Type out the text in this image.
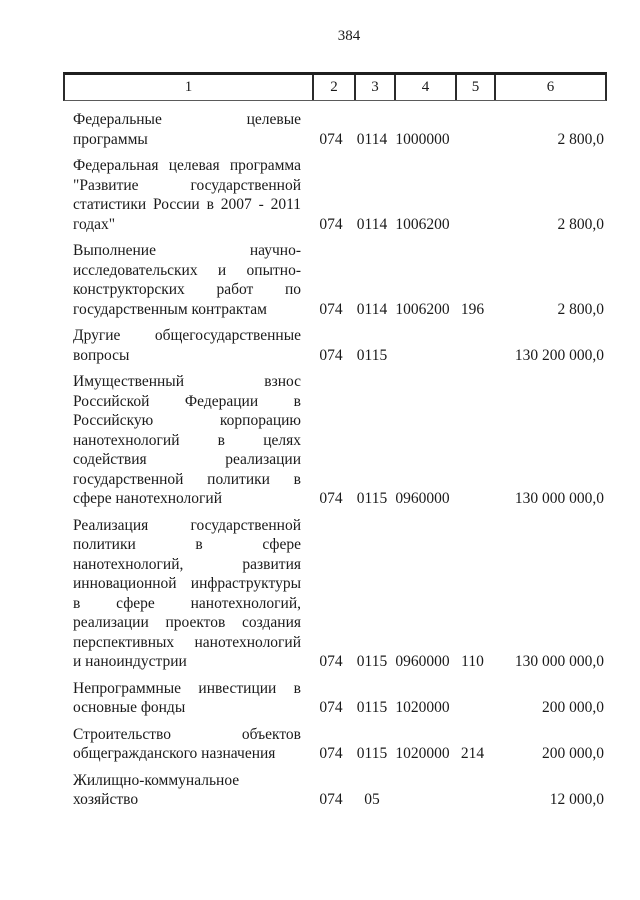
384
1	2	3	4	5	6
Федеральные целевые
программы	074 0114 1000000	2 800,0
Федеральная целевая программа
"Развитие государственной
статистики России в 2007 - 2011
годах"	074 0114 1006200	2 800,0
Выполнение научно-
исследовательских и опытно-
конструкторских работ по
государственным контрактам	074 0114 1006200 196	2 800,0
Другие общегосударственные
вопросы	074 0115	130 200 000,0
Имущественный взнос
Российской Федерации в
Российскую корпорацию
нанотехнологий в целях
содействия реализации
государственной политики в
сфере нанотехнологий	074 0115 0960000	130 000 000,0
Реализация государственной
политики в сфере
нанотехнологий, развития
инновационной инфраструктуры
в сфере нанотехнологий,
реализации проектов создания
перспективных нанотехнологий
и наноиндустрии	074 0115 0960000 110	130 000 000,0
Непрограммные инвестиции в
основные фонды	074 0115 1020000	200 000,0
Строительство объектов
общегражданского назначения	074 0115 1020000 214	200 000,0
Жилищно-коммунальное
хозяйство	074	05	12 000,0
